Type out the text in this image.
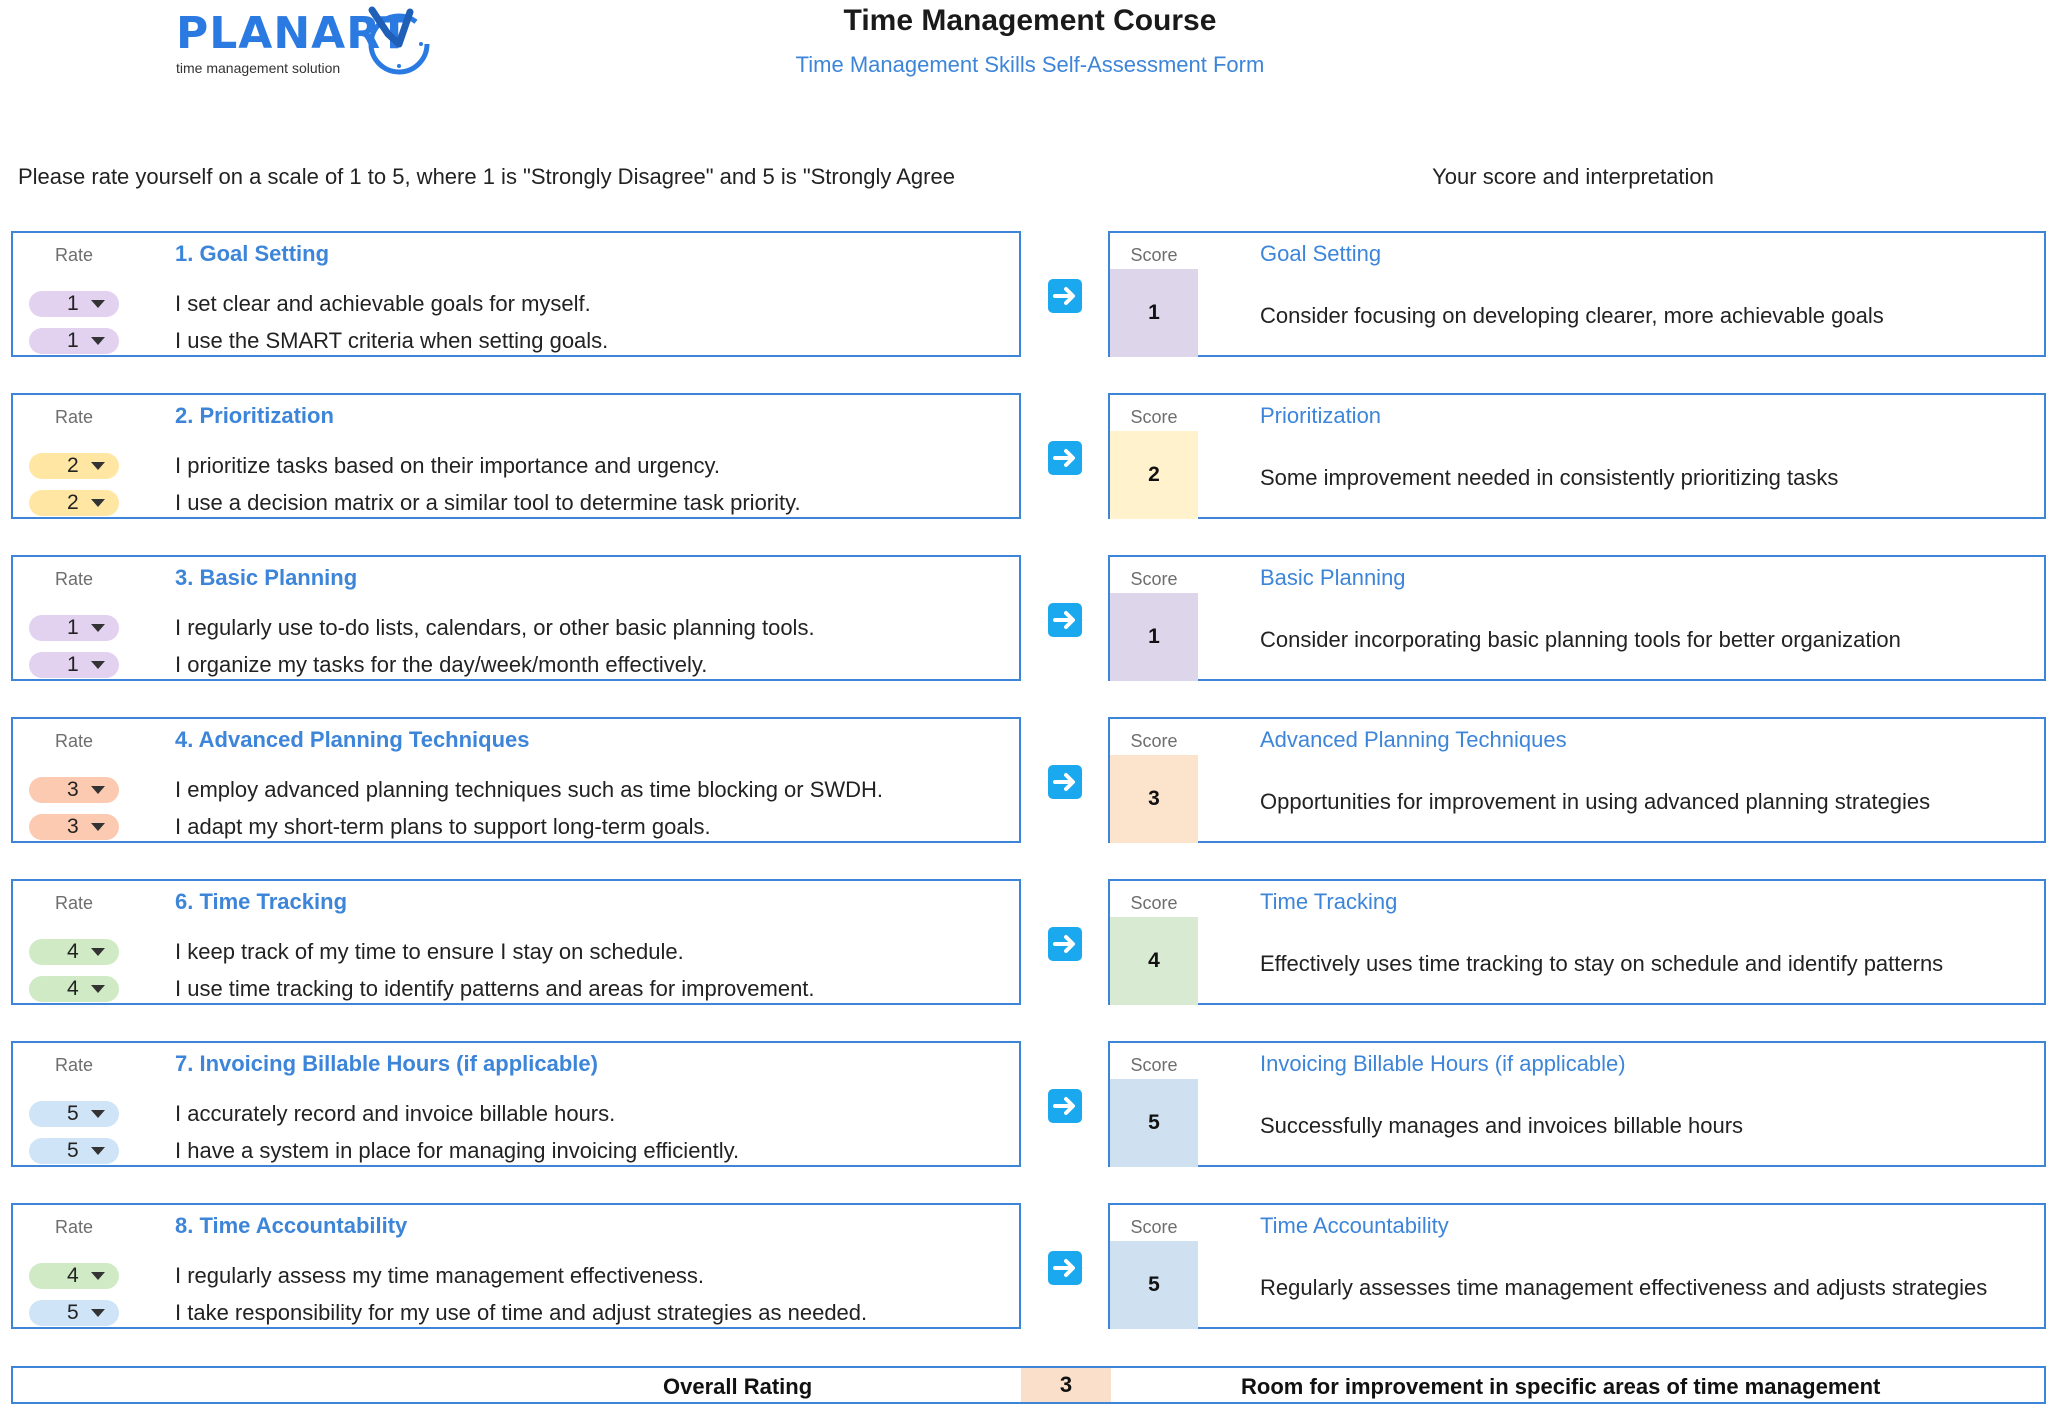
PLANART
time management solution
Time Management Course
Time Management Skills Self-Assessment Form
Please rate yourself on a scale of 1 to 5, where 1 is "Strongly Disagree" and 5 is "Strongly Agree	Your score and interpretation
Rate	1. Goal Setting
1	I set clear and achievable goals for myself.
1	I use the SMART criteria when setting goals.
Score
1
Goal Setting
Consider focusing on developing clearer, more achievable goals
Rate	2. Prioritization
2	I prioritize tasks based on their importance and urgency.
2	I use a decision matrix or a similar tool to determine task priority.
Score
2
Prioritization
Some improvement needed in consistently prioritizing tasks
Rate	3. Basic Planning
1	I regularly use to-do lists, calendars, or other basic planning tools.
1	I organize my tasks for the day/week/month effectively.
Score
1
Basic Planning
Consider incorporating basic planning tools for better organization
Rate	4. Advanced Planning Techniques
3	I employ advanced planning techniques such as time blocking or SWDH.
3	I adapt my short-term plans to support long-term goals.
Score
3
Advanced Planning Techniques
Opportunities for improvement in using advanced planning strategies
Rate	6. Time Tracking
4	I keep track of my time to ensure I stay on schedule.
4	I use time tracking to identify patterns and areas for improvement.
Score
4
Time Tracking
Effectively uses time tracking to stay on schedule and identify patterns
Rate	7. Invoicing Billable Hours (if applicable)
5	I accurately record and invoice billable hours.
5	I have a system in place for managing invoicing efficiently.
Score
5
Invoicing Billable Hours (if applicable)
Successfully manages and invoices billable hours
Rate	8. Time Accountability
4	I regularly assess my time management effectiveness.
5	I take responsibility for my use of time and adjust strategies as needed.
Score
5
Time Accountability
Regularly assesses time management effectiveness and adjusts strategies
Overall Rating	3	Room for improvement in specific areas of time management
